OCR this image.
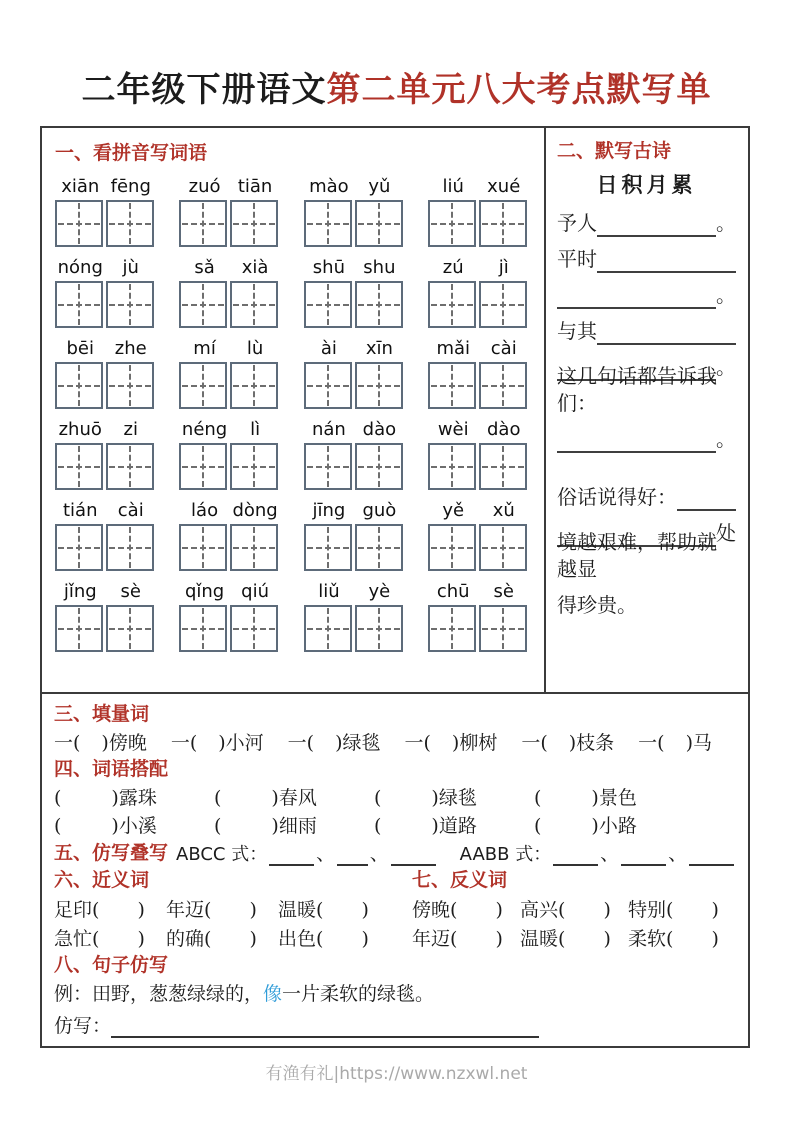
二年级下册语文第二单元八大考点默写单
一、看拼音写词语
xiān fēng	zuó tiān	mào	yǔ	liú	xué
nóng	jù	sǎ	xià	shū	shu	zú	jì
bēi	zhe	mí	lù	ài	xīn	mǎi	cài
zhuō	zi	néng	lì	nán dào	wèi	dào
tián	cài	láo dòng	jīng guò	yě	xǔ
jǐng	sè	qǐng qiú	liǔ	yè	chū	sè
二、默写古诗
日积月累
予人	。
平时
。
与其
。
这几句话都告诉我们：
。
俗话说得好：
处
境越艰难，帮助就越显
得珍贵。
三、填量词
一( )傍晚 一( )小河 一( )绿毯 一( )柳树 一( )枝条 一( )马
四、词语搭配
(	)露珠	(	)春风	(	)绿毯	(	)景色
(	)小溪	(	)细雨	(	)道路	(	)小路
五、仿写叠写 ABCC 式：	、 、	AABB 式：	、	、
六、近义词
足印( )	年迈( )	温暖( )
急忙( )	的确( )	出色( )
七、反义词
傍晚( ) 高兴( ) 特别( )
年迈( ) 温暖( ) 柔软( )
八、句子仿写
例：田野，葱葱绿绿的， 像 一片柔软的绿毯。
仿写：
有渔有礼|https://www.nzxwl.net
